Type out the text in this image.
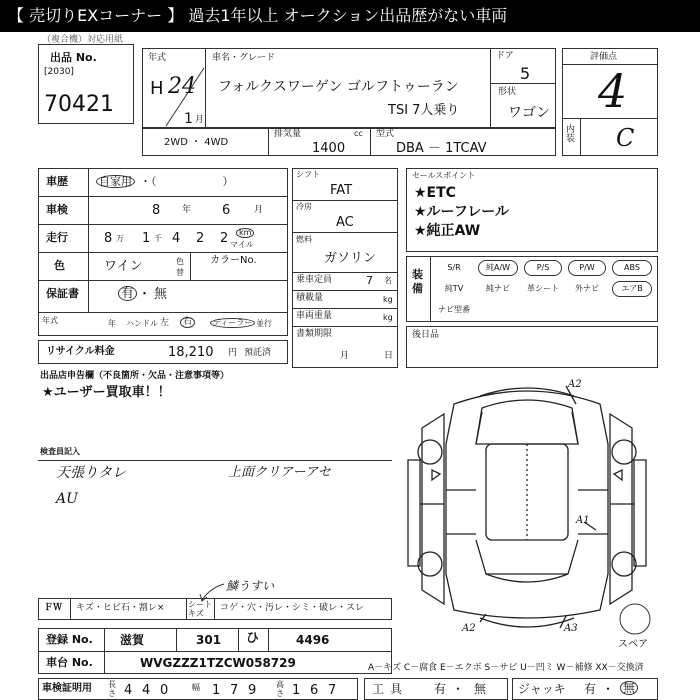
【 売切りEXコーナー 】 過去1年以上 オークション出品歴がない車両
（複合機）対応用紙
出品 No.
[2030]
70421
年式
H 24
1 月
車名・グレード
フォルクスワーゲン ゴルフトゥーラン
TSI 7人乗り
ドア
5
形状
ワゴン
評価点
4
内装 C
2WD ・ 4WD
排気量	cc
1400
型式
DBA － 1TCAV
車歴	自家用 ・（　　　　　　）
車検	8 年 6	月
走行	8 万 1 千 4 2 2	km
マイル
色	ワイン	色替
カラーNo.
保証書	有 ・ 無
年式	年 ハンドル 左	右	ディーラー 並行
リサイクル料金	18,210 円 預託済
シフト
FAT
冷房
AC
燃料
ガソリン
乗車定員	7 名
積載量	kg
車両重量	kg
書類期限
月	日
セールスポイント
★ETC
★ルーフレール
★純正AW
装備
S/R	純A/W	P/S	P/W	ABS
純TV	純ナビ	革シート	外ナビ	エアB
ナビ型番
後日品
出品店申告欄（不良箇所・欠品・注意事項等）
★ユーザー買取車！！
検査員記入
天張りタレ
AU
上面クリアーアセ
鱗うすい
ＦＷ キズ・ヒビ石・割レ×	シートキズ
コゲ・穴・汚レ・シミ・破レ・スレ
A2
A1
A2	A3
スペア
登録 No. 滋賀	301 ひ	4496
車台 No.	WVGZZZ1TZCW058729	A－キズ C－腐食 E－エクボ S－サビ U－凹ミ W－補修 XX－交換済
車検証明用 長さ 4 4 0	幅 1 7 9 高さ 1 6 7	工具 有 ・ 無	ジャッキ 有 ・ 無
